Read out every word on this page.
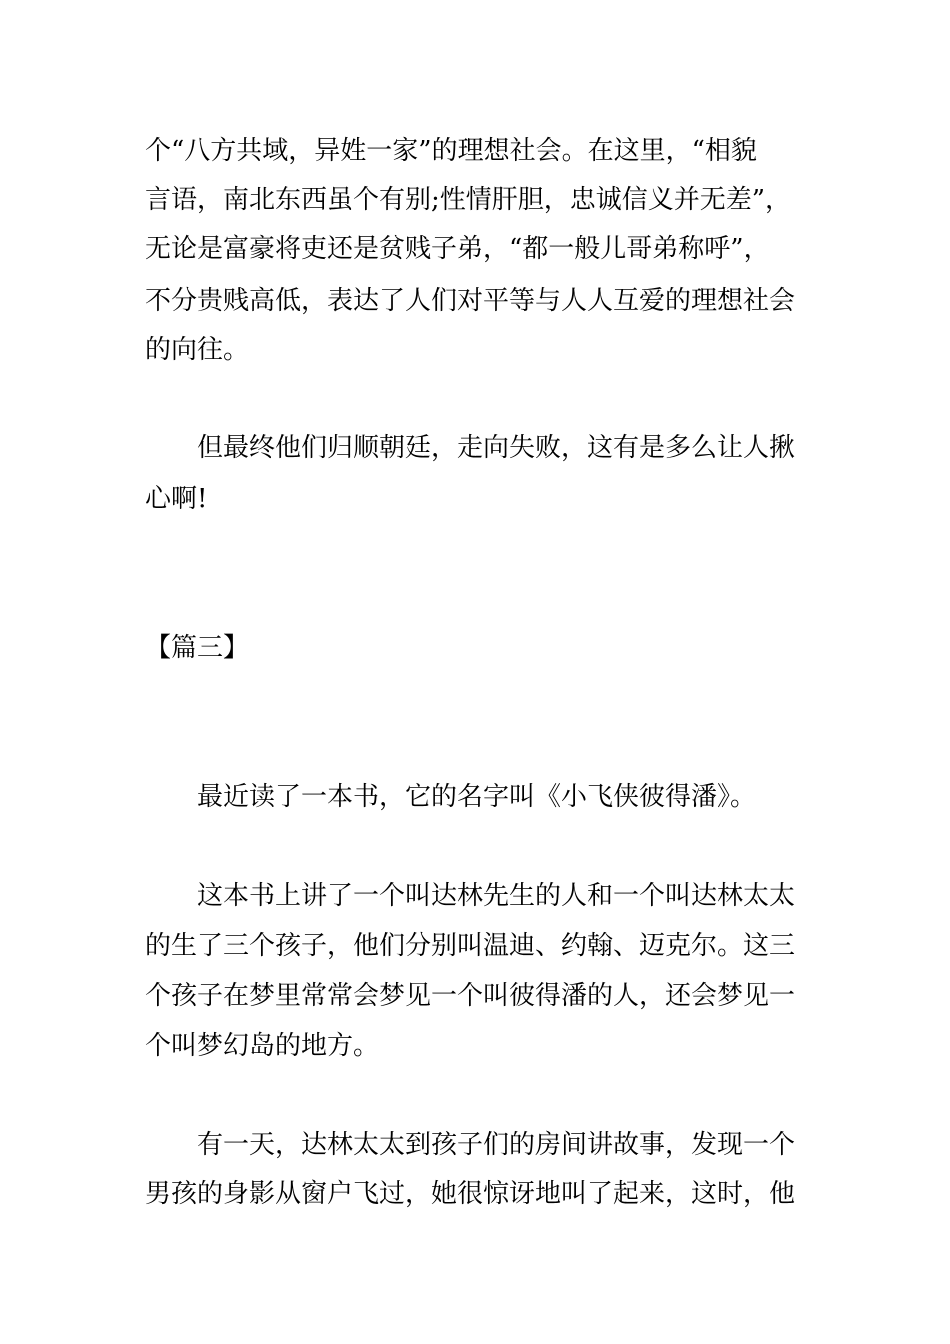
个“八方共域，异姓一家”的理想社会。在这里，“相貌
言语，南北东西虽个有别;性情肝胆，忠诚信义并无差”，
无论是富豪将吏还是贫贱子弟，“都一般儿哥弟称呼”，
不分贵贱高低，表达了人们对平等与人人互爱的理想社会
的向往。
但最终他们归顺朝廷，走向失败，这有是多么让人揪
心啊!
【篇三】
最近读了一本书，它的名字叫《小飞侠彼得潘》。
这本书上讲了一个叫达林先生的人和一个叫达林太太
的生了三个孩子，他们分别叫温迪、约翰、迈克尔。这三
个孩子在梦里常常会梦见一个叫彼得潘的人，还会梦见一
个叫梦幻岛的地方。
有一天，达林太太到孩子们的房间讲故事，发现一个
男孩的身影从窗户飞过，她很惊讶地叫了起来，这时，他
